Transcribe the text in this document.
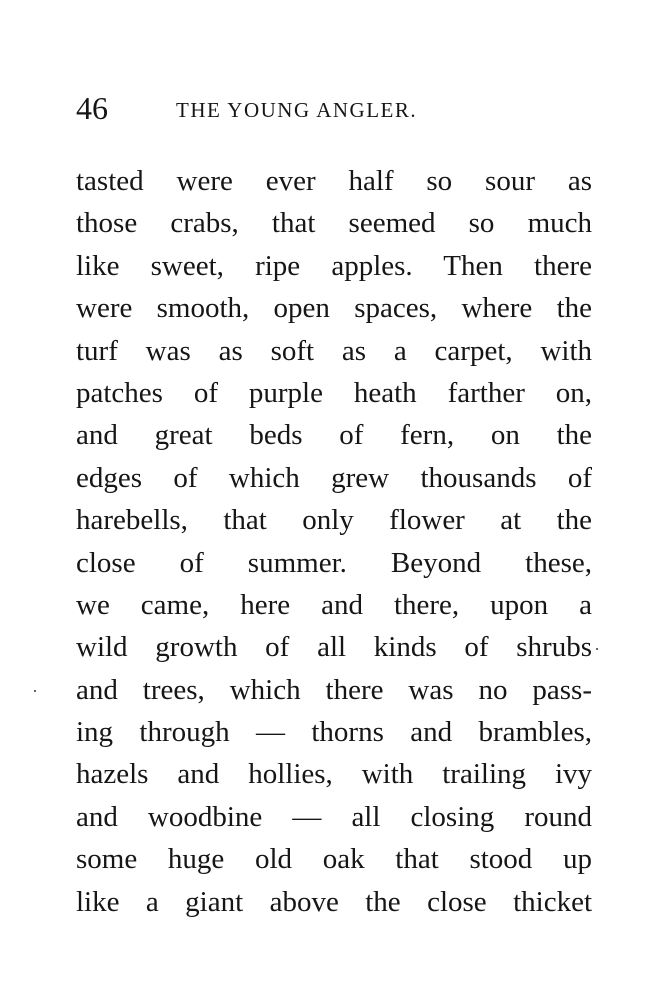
46	THE YOUNG ANGLER.
tasted were ever half so sour as
those crabs, that seemed so much
like sweet, ripe apples. Then there
were smooth, open spaces, where the
turf was as soft as a carpet, with
patches of purple heath farther on,
and great beds of fern, on the
edges of which grew thousands of
harebells, that only flower at the
close of summer. Beyond these,
we came, here and there, upon a
wild growth of all kinds of shrubs
and trees, which there was no pass-
ing through — thorns and brambles,
hazels and hollies, with trailing ivy
and woodbine — all closing round
some huge old oak that stood up
like a giant above the close thicket
